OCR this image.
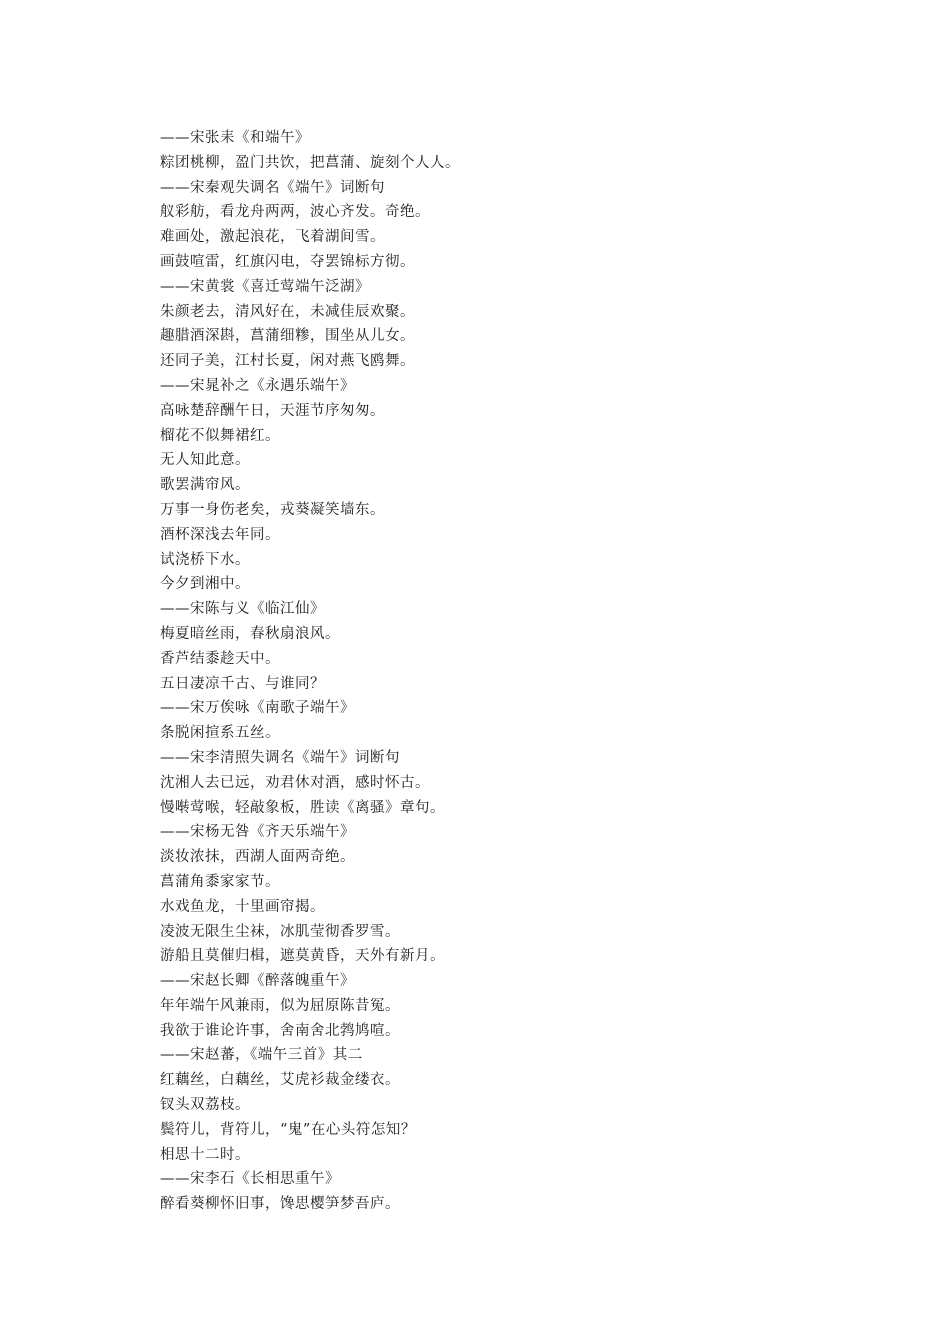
——宋张耒《和端午》
粽团桃柳，盈门共饮，把菖蒲、旋刻个人人。
——宋秦观失调名《端午》词断句
舣彩舫，看龙舟两两，波心齐发。奇绝。
难画处，激起浪花，飞着湖间雪。
画鼓喧雷，红旗闪电，夺罢锦标方彻。
——宋黄裳《喜迁莺端午泛湖》
朱颜老去，清风好在，未减佳辰欢聚。
趣腊酒深斟，菖蒲细糁，围坐从儿女。
还同子美，江村长夏，闲对燕飞鸥舞。
——宋晁补之《永遇乐端午》
高咏楚辞酬午日，天涯节序匆匆。
榴花不似舞裙红。
无人知此意。
歌罢满帘风。
万事一身伤老矣，戎葵凝笑墙东。
酒杯深浅去年同。
试浇桥下水。
今夕到湘中。
——宋陈与义《临江仙》
梅夏暗丝雨，春秋扇浪风。
香芦结黍趁天中。
五日凄凉千古、与谁同？
——宋万俟咏《南歌子端午》
条脱闲揎系五丝。
——宋李清照失调名《端午》词断句
沈湘人去已远，劝君休对酒，感时怀古。
慢啭莺喉，轻敲象板，胜读《离骚》章句。
——宋杨无咎《齐天乐端午》
淡妆浓抹，西湖人面两奇绝。
菖蒲角黍家家节。
水戏鱼龙，十里画帘揭。
凌波无限生尘袜，冰肌莹彻香罗雪。
游船且莫催归楫，遮莫黄昏，天外有新月。
——宋赵长卿《醉落魄重午》
年年端午风兼雨，似为屈原陈昔冤。
我欲于谁论许事，舍南舍北鹁鸠喧。
——宋赵蕃，《端午三首》其二
红藕丝，白藕丝，艾虎衫裁金缕衣。
钗头双荔枝。
鬓符儿，背符儿，“鬼”在心头符怎知？
相思十二时。
——宋李石《长相思重午》
醉看葵柳怀旧事，馋思樱笋梦吾庐。
